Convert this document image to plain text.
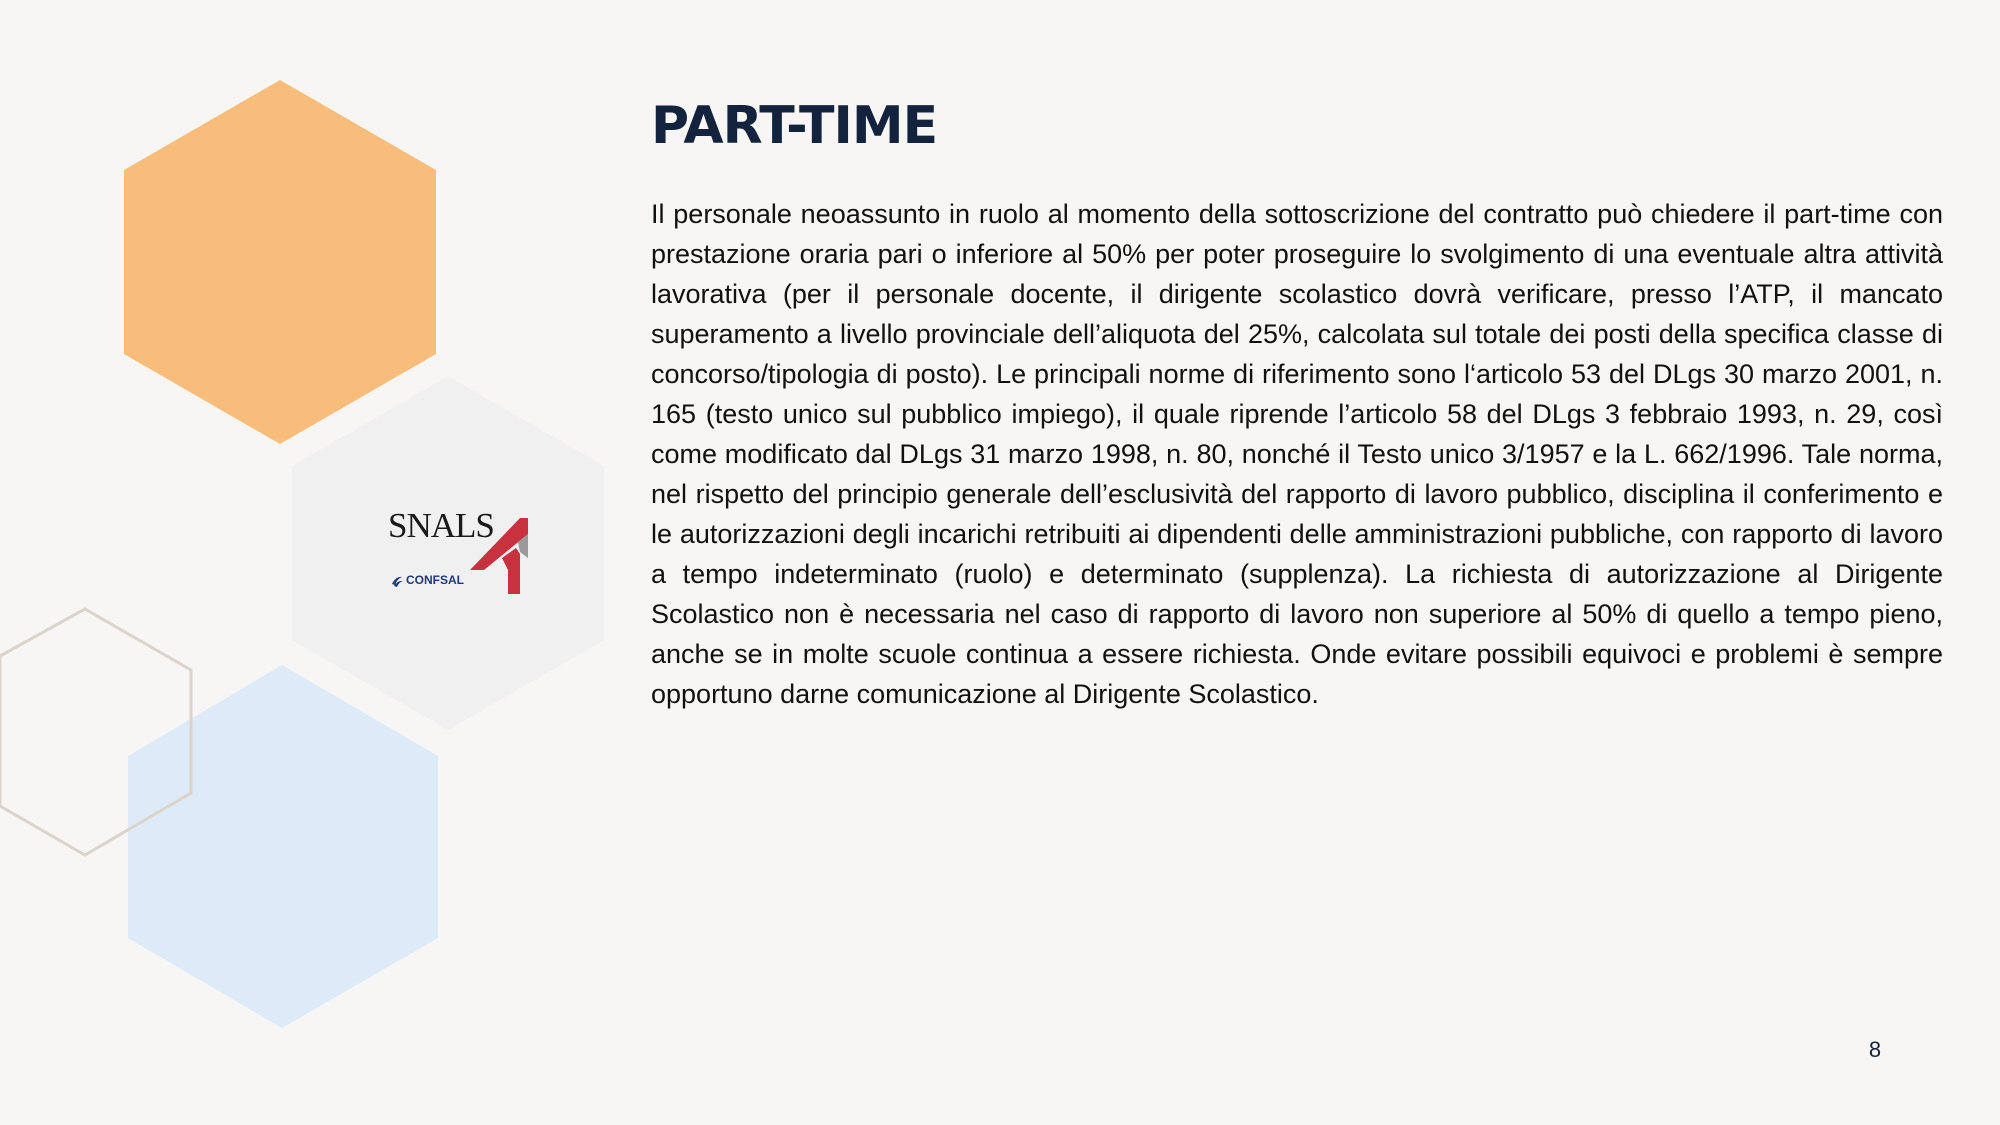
SNALS
CONFSAL
PART-TIME

Il personale neoassunto in ruolo al momento della sottoscrizione del contratto può chiedere il part-time con prestazione oraria pari o inferiore al 50% per poter proseguire lo svolgimento di una eventuale altra attività lavorativa (per il personale docente, il dirigente scolastico dovrà verificare, presso l’ATP, il mancato superamento a livello provinciale dell’aliquota del 25%, calcolata sul totale dei posti della specifica classe di concorso/tipologia di posto). Le principali norme di riferimento sono l‘articolo 53 del DLgs 30 marzo 2001, n. 165 (testo unico sul pubblico impiego), il quale riprende l’articolo 58 del DLgs 3 febbraio 1993, n. 29, così come modificato dal DLgs 31 marzo 1998, n. 80, nonché il Testo unico 3/1957 e la L. 662/1996. Tale norma, nel rispetto del principio generale dell’esclusività del rapporto di lavoro pubblico, disciplina il conferimento e le autorizzazioni degli incarichi retribuiti ai dipendenti delle amministrazioni pubbliche, con rapporto di lavoro a tempo indeterminato (ruolo) e determinato (supplenza). La richiesta di autorizzazione al Dirigente Scolastico non è necessaria nel caso di rapporto di lavoro non superiore al 50% di quello a tempo pieno, anche se in molte scuole continua a essere richiesta. Onde evitare possibili equivoci e problemi è sempre opportuno darne comunicazione al Dirigente Scolastico.

8
